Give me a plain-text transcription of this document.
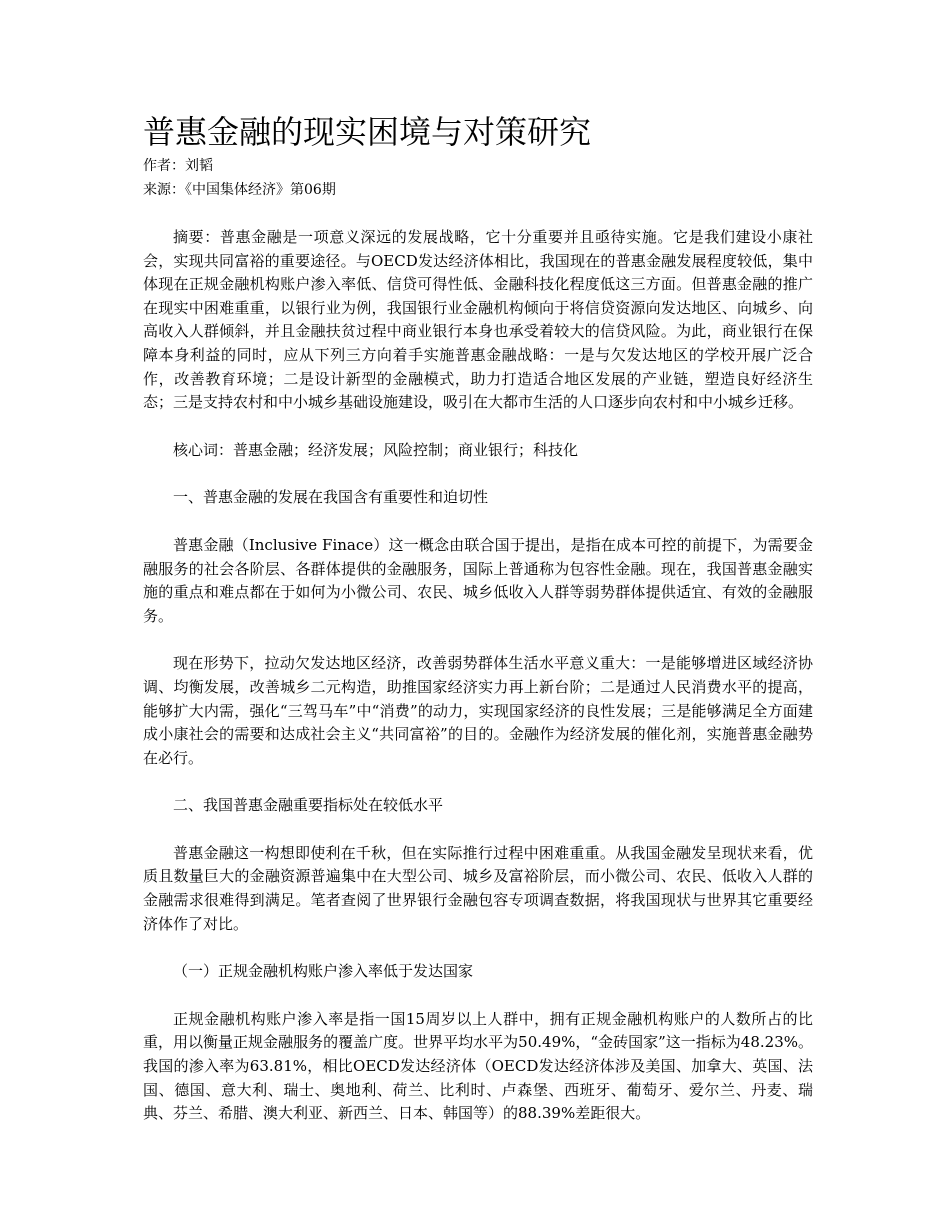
普惠金融的现实困境与对策研究

作者：刘韬

来源：《中国集体经济》第06期

摘要：普惠金融是一项意义深远的发展战略，它十分重要并且亟待实施。它是我们建设小康社会，实现共同富裕的重要途径。与OECD发达经济体相比，我国现在的普惠金融发展程度较低，集中体现在正规金融机构账户渗入率低、信贷可得性低、金融科技化程度低这三方面。但普惠金融的推广在现实中困难重重，以银行业为例，我国银行业金融机构倾向于将信贷资源向发达地区、向城乡、向高收入人群倾斜，并且金融扶贫过程中商业银行本身也承受着较大的信贷风险。为此，商业银行在保障本身利益的同时，应从下列三方向着手实施普惠金融战略：一是与欠发达地区的学校开展广泛合作，改善教育环境；二是设计新型的金融模式，助力打造适合地区发展的产业链，塑造良好经济生态；三是支持农村和中小城乡基础设施建设，吸引在大都市生活的人口逐步向农村和中小城乡迁移。

核心词：普惠金融；经济发展；风险控制；商业银行；科技化

一、普惠金融的发展在我国含有重要性和迫切性

普惠金融（Inclusive Finace）这一概念由联合国于提出，是指在成本可控的前提下，为需要金融服务的社会各阶层、各群体提供的金融服务，国际上普通称为包容性金融。现在，我国普惠金融实施的重点和难点都在于如何为小微公司、农民、城乡低收入人群等弱势群体提供适宜、有效的金融服务。

现在形势下，拉动欠发达地区经济，改善弱势群体生活水平意义重大：一是能够增进区域经济协调、均衡发展，改善城乡二元构造，助推国家经济实力再上新台阶；二是通过人民消费水平的提高，能够扩大内需，强化“三驾马车”中“消费”的动力，实现国家经济的良性发展；三是能够满足全方面建成小康社会的需要和达成社会主义“共同富裕”的目的。金融作为经济发展的催化剂，实施普惠金融势在必行。

二、我国普惠金融重要指标处在较低水平

普惠金融这一构想即使利在千秋，但在实际推行过程中困难重重。从我国金融发呈现状来看，优质且数量巨大的金融资源普遍集中在大型公司、城乡及富裕阶层，而小微公司、农民、低收入人群的金融需求很难得到满足。笔者查阅了世界银行金融包容专项调查数据，将我国现状与世界其它重要经济体作了对比。

（一）正规金融机构账户渗入率低于发达国家

正规金融机构账户渗入率是指一国15周岁以上人群中，拥有正规金融机构账户的人数所占的比重，用以衡量正规金融服务的覆盖广度。世界平均水平为50.49%，“金砖国家”这一指标为48.23%。我国的渗入率为63.81%，相比OECD发达经济体（OECD发达经济体涉及美国、加拿大、英国、法国、德国、意大利、瑞士、奥地利、荷兰、比利时、卢森堡、西班牙、葡萄牙、爱尔兰、丹麦、瑞典、芬兰、希腊、澳大利亚、新西兰、日本、韩国等）的88.39%差距很大。
